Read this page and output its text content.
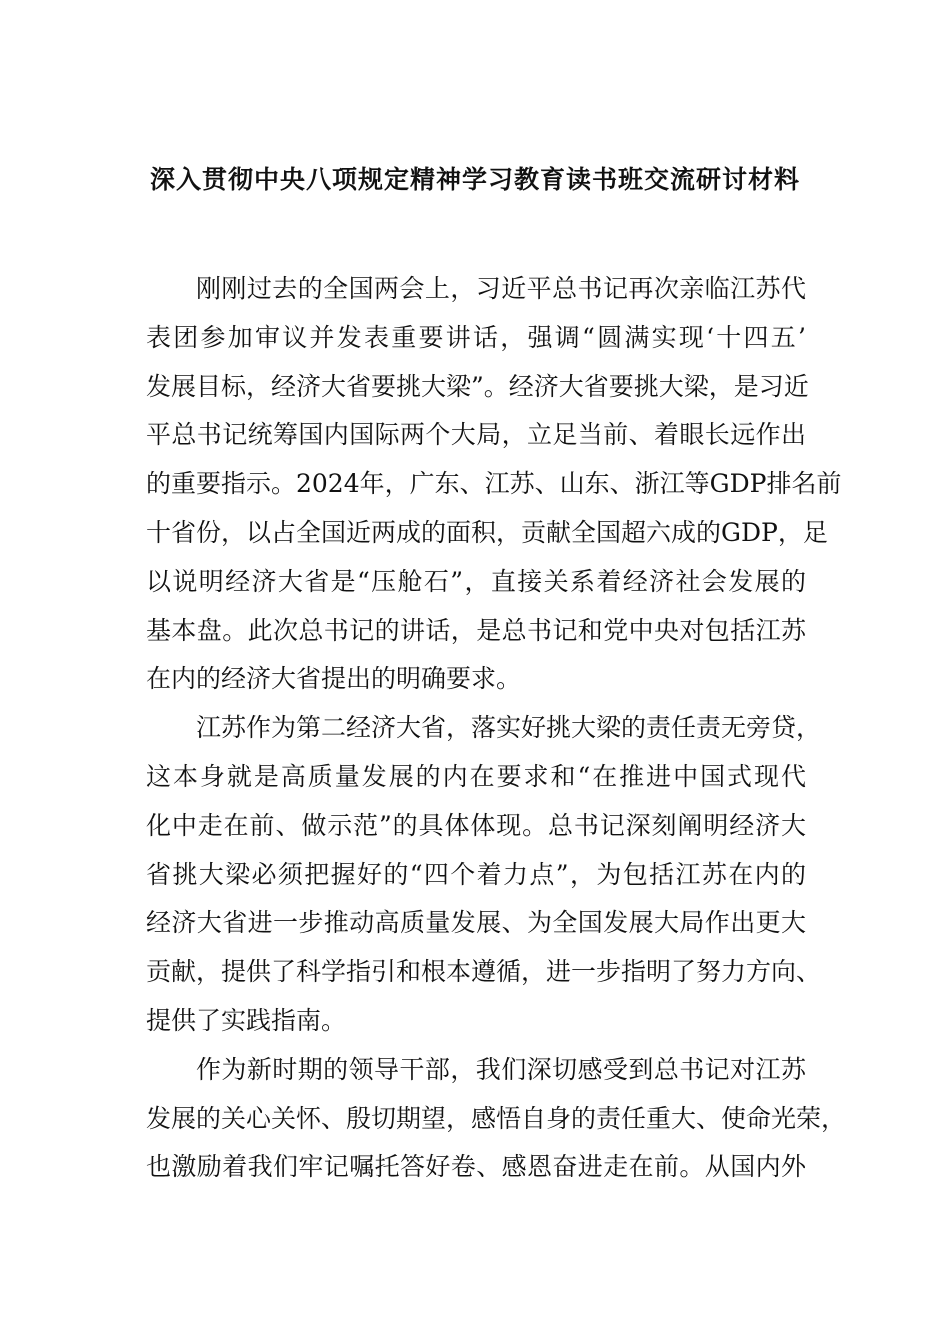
深入贯彻中央八项规定精神学习教育读书班交流研讨材料
刚刚过去的全国两会上，习近平总书记再次亲临江苏代
表团参加审议并发表重要讲话，强调“圆满实现‘十四五’
发展目标，经济大省要挑大梁”。经济大省要挑大梁，是习近
平总书记统筹国内国际两个大局，立足当前、着眼长远作出
的重要指示。2024年，广东、江苏、山东、浙江等GDP排名前
十省份，以占全国近两成的面积，贡献全国超六成的GDP，足
以说明经济大省是“压舱石”，直接关系着经济社会发展的
基本盘。此次总书记的讲话，是总书记和党中央对包括江苏
在内的经济大省提出的明确要求。
江苏作为第二经济大省，落实好挑大梁的责任责无旁贷，
这本身就是高质量发展的内在要求和“在推进中国式现代
化中走在前、做示范”的具体体现。总书记深刻阐明经济大
省挑大梁必须把握好的“四个着力点”，为包括江苏在内的
经济大省进一步推动高质量发展、为全国发展大局作出更大
贡献，提供了科学指引和根本遵循，进一步指明了努力方向、
提供了实践指南。
作为新时期的领导干部，我们深切感受到总书记对江苏
发展的关心关怀、殷切期望，感悟自身的责任重大、使命光荣，
也激励着我们牢记嘱托答好卷、感恩奋进走在前。从国内外
